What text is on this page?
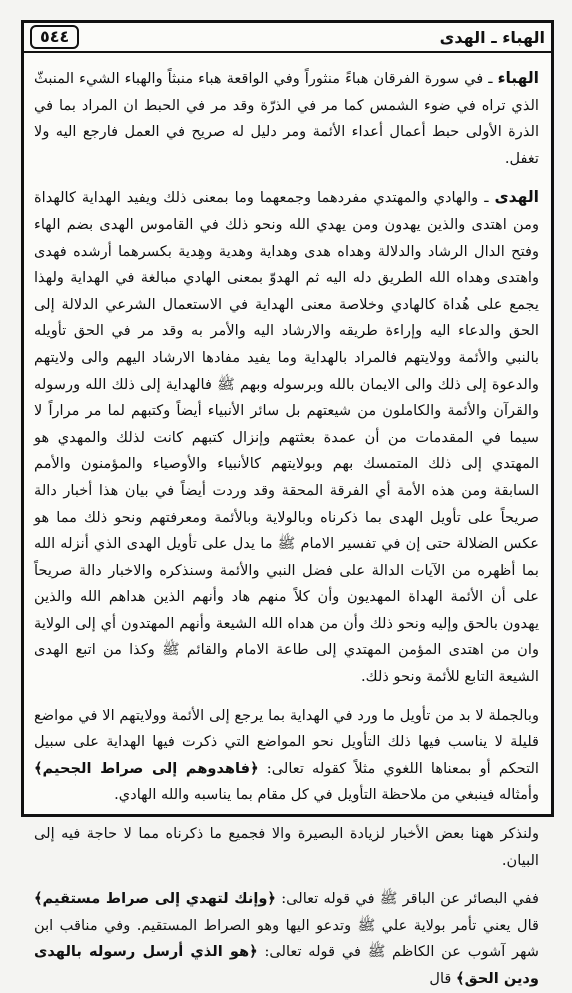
الهباء ـ الهدى
٥٤٤

الهباء ـ في سورة الفرقان هباءً منثوراً وفي الواقعة هباء منبثاً والهباء الشيء المنبثّ الذي تراه في ضوء الشمس كما مر في الذرّة وقد مر في الحبط ان المراد بما في الذرة الأولى حبط أعمال أعداء الأئمة ومر دليل له صريح في العمل فارجع اليه ولا تغفل.

الهدى ـ والهادي والمهتدي مفردهما وجمعهما وما بمعنى ذلك ويفيد الهداية كالهداة ومن اهتدى والذين يهدون ومن يهدي الله ونحو ذلك في القاموس الهدى بضم الهاء وفتح الدال الرشاد والدلالة وهداه هدى وهداية وهدية وهِدية بكسرهما أرشده فهدى واهتدى وهداه الله الطريق دله اليه ثم الهدوّ بمعنى الهادي مبالغة في الهداية ولهذا يجمع على هُداة كالهادي وخلاصة معنى الهداية في الاستعمال الشرعي الدلالة إلى الحق والدعاء اليه وإراءة طريقه والارشاد اليه والأمر به وقد مر في الحق تأويله بالنبي والأئمة وولايتهم فالمراد بالهداية وما يفيد مفادها الارشاد اليهم والى ولايتهم والدعوة إلى ذلك والى الايمان بالله وبرسوله وبهم ﷺ فالهداية إلى ذلك الله ورسوله والقرآن والأئمة والكاملون من شيعتهم بل سائر الأنبياء أيضاً وكتبهم لما مر مراراً لا سيما في المقدمات من أن عمدة بعثتهم وإنزال كتبهم كانت لذلك والمهدي هو المهتدي إلى ذلك المتمسك بهم وبولايتهم كالأنبياء والأوصياء والمؤمنون والأمم السابقة ومن هذه الأمة أي الفرقة المحقة وقد وردت أيضاً في بيان هذا أخبار دالة صريحاً على تأويل الهدى بما ذكرناه وبالولاية وبالأئمة ومعرفتهم ونحو ذلك مما هو عكس الضلالة حتى إن في تفسير الامام ﷺ ما يدل على تأويل الهدى الذي أنزله الله بما أظهره من الآيات الدالة على فضل النبي والأئمة وسنذكره والاخبار دالة صريحاً على أن الأئمة الهداة المهديون وأن كلاً منهم هاد وأنهم الذين هداهم الله والذين يهدون بالحق وإليه ونحو ذلك وأن من هداه الله الشيعة وأنهم المهتدون أي إلى الولاية وان من اهتدى المؤمن المهتدي إلى طاعة الامام والقائم ﷺ وكذا من اتبع الهدى الشيعة التابع للأئمة ونحو ذلك.

وبالجملة لا بد من تأويل ما ورد في الهداية بما يرجع إلى الأئمة وولايتهم الا في مواضع قليلة لا يناسب فيها ذلك التأويل نحو المواضع التي ذكرت فيها الهداية على سبيل التحكم أو بمعناها اللغوي مثلاً كقوله تعالى: ﴿فاهدوهم إلى صراط الجحيم﴾ وأمثاله فينبغي من ملاحظة التأويل في كل مقام بما يناسبه والله الهادي.

ولنذكر ههنا بعض الأخبار لزيادة البصيرة والا فجميع ما ذكرناه مما لا حاجة فيه إلى البيان.

ففي البصائر عن الباقر ﷺ في قوله تعالى: ﴿وإنك لتهدي إلى صراط مستقيم﴾ قال يعني تأمر بولاية علي ﷺ وتدعو اليها وهو الصراط المستقيم. وفي مناقب ابن شهر آشوب عن الكاظم ﷺ في قوله تعالى: ﴿هو الذي أرسل رسوله بالهدى ودين الحق﴾ قال
